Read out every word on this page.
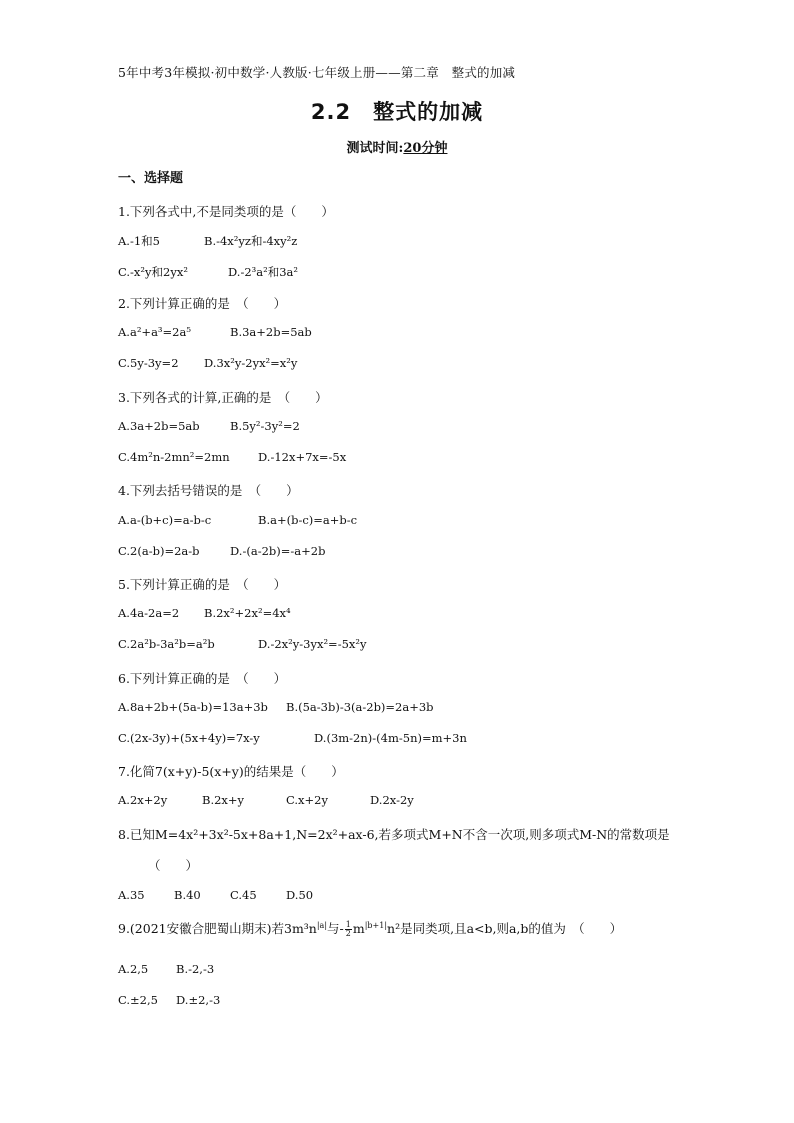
5年中考3年模拟·初中数学·人教版·七年级上册——第二章　整式的加减
2.2　整式的加减
测试时间:20分钟
一、选择题
1.下列各式中,不是同类项的是（　　）
A.-1和5	B.-4x²yz和-4xy²z
C.-x²y和2yx²	D.-2³a²和3a²
2.下列计算正确的是　（　　）
A.a²+a³=2a⁵	B.3a+2b=5ab
C.5y-3y=2 D.3x²y-2yx²=x²y
3.下列各式的计算,正确的是　（　　）
A.3a+2b=5ab	B.5y²-3y²=2
C.4m²n-2mn²=2mn D.-12x+7x=-5x
4.下列去括号错误的是　（　　）
A.a-(b+c)=a-b-c	B.a+(b-c)=a+b-c
C.2(a-b)=2a-b	D.-(a-2b)=-a+2b
5.下列计算正确的是　（　　）
A.4a-2a=2 B.2x²+2x²=4x⁴
C.2a²b-3a²b=a²b	D.-2x²y-3yx²=-5x²y
6.下列计算正确的是　（　　）
A.8a+2b+(5a-b)=13a+3b B.(5a-3b)-3(a-2b)=2a+3b
C.(2x-3y)+(5x+4y)=7x-y	D.(3m-2n)-(4m-5n)=m+3n
7.化简7(x+y)-5(x+y)的结果是（　　）
A.2x+2y	B.2x+y	C.x+2y	D.2x-2y
8.已知M=4x²+3x²-5x+8a+1,N=2x²+ax-6,若多项式M+N不含一次项,则多项式M-N的常数项是
（　　）
A.35	B.40	C.45	D.50
9.(2021安徽合肥蜀山期末)若$3m^3n^{|a|}$与- $\frac{1}{2} m^{|b+1|}n^2$是同类项,且a<b,则a,b的值为　（　　）
A.2,5 B.-2,-3
C.±2,5 D.±2,-3
